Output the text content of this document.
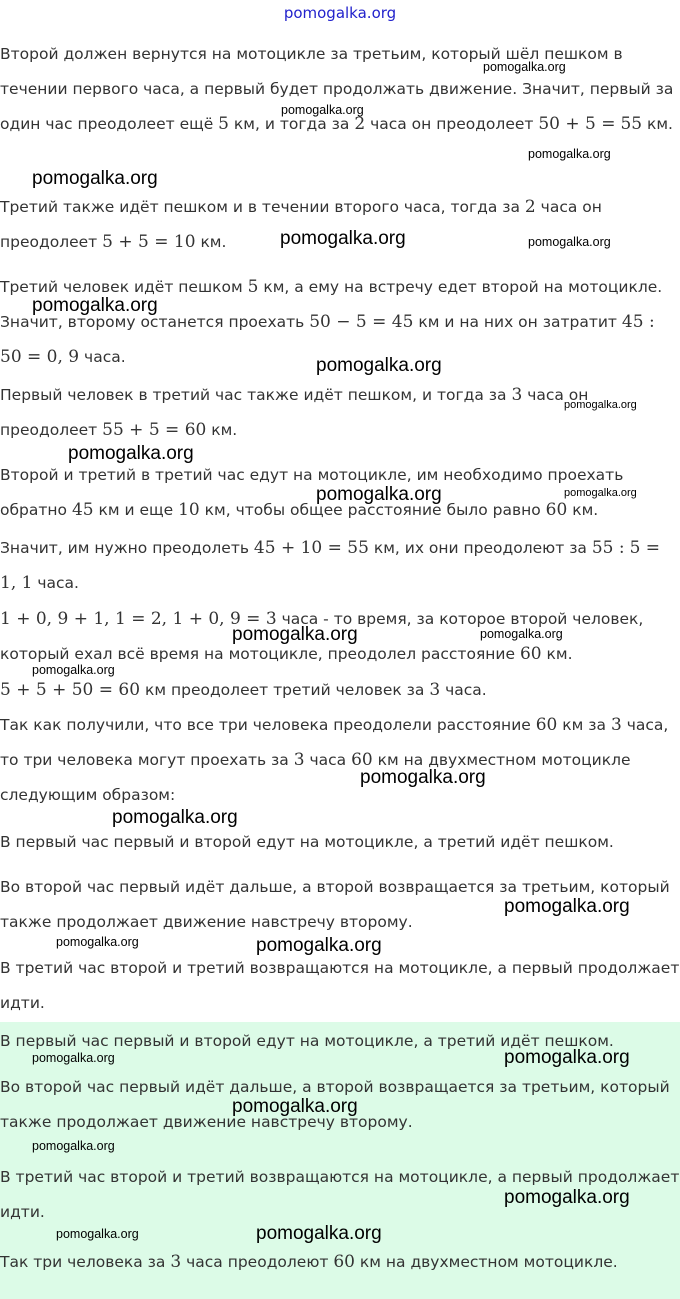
pomogalka.org

Второй должен вернутся на мотоцикле за третьим, который шёл пешком в течении первого часа, а первый будет продолжать движение. Значит, первый за один час преодолеет ещё 5 км, и тогда за 2 часа он преодолеет 50 + 5 = 55 км.

Третий также идёт пешком и в течении второго часа, тогда за 2 часа он преодолеет 5 + 5 = 10 км.

Третий человек идёт пешком 5 км, а ему на встречу едет второй на мотоцикле. Значит, второму останется проехать 50 − 5 = 45 км и на них он затратит 45 : 50 = 0, 9 часа.

Первый человек в третий час также идёт пешком, и тогда за 3 часа он преодолеет 55 + 5 = 60 км.

Второй и третий в третий час едут на мотоцикле, им необходимо проехать обратно 45 км и еще 10 км, чтобы общее расстояние было равно 60 км.

Значит, им нужно преодолеть 45 + 10 = 55 км, их они преодолеют за 55 : 5 = 1, 1 часа.

1 + 0, 9 + 1, 1 = 2, 1 + 0, 9 = 3 часа - то время, за которое второй человек, который ехал всё время на мотоцикле, преодолел расстояние 60 км.

5 + 5 + 50 = 60 км преодолеет третий человек за 3 часа.

Так как получили, что все три человека преодолели расстояние 60 км за 3 часа, то три человека могут проехать за 3 часа 60 км на двухместном мотоцикле следующим образом:

В первый час первый и второй едут на мотоцикле, а третий идёт пешком.

Во второй час первый идёт дальше, а второй возвращается за третьим, который также продолжает движение навстречу второму.

В третий час второй и третий возвращаются на мотоцикле, а первый продолжает идти.

В первый час первый и второй едут на мотоцикле, а третий идёт пешком.

Во второй час первый идёт дальше, а второй возвращается за третьим, который также продолжает движение навстречу второму.

В третий час второй и третий возвращаются на мотоцикле, а первый продолжает идти.

Так три человека за 3 часа преодолеют 60 км на двухместном мотоцикле.

pomogalka.org
pomogalka.org
pomogalka.org
pomogalka.org
pomogalka.org	pomogalka.org
pomogalka.org
pomogalka.org
pomogalka.org
pomogalka.org
pomogalka.org	pomogalka.org
pomogalka.org	pomogalka.org
pomogalka.org
pomogalka.org
pomogalka.org
pomogalka.org
pomogalka.org	pomogalka.org
pomogalka.org	pomogalka.org
pomogalka.org
pomogalka.org
pomogalka.org
pomogalka.org	pomogalka.org
